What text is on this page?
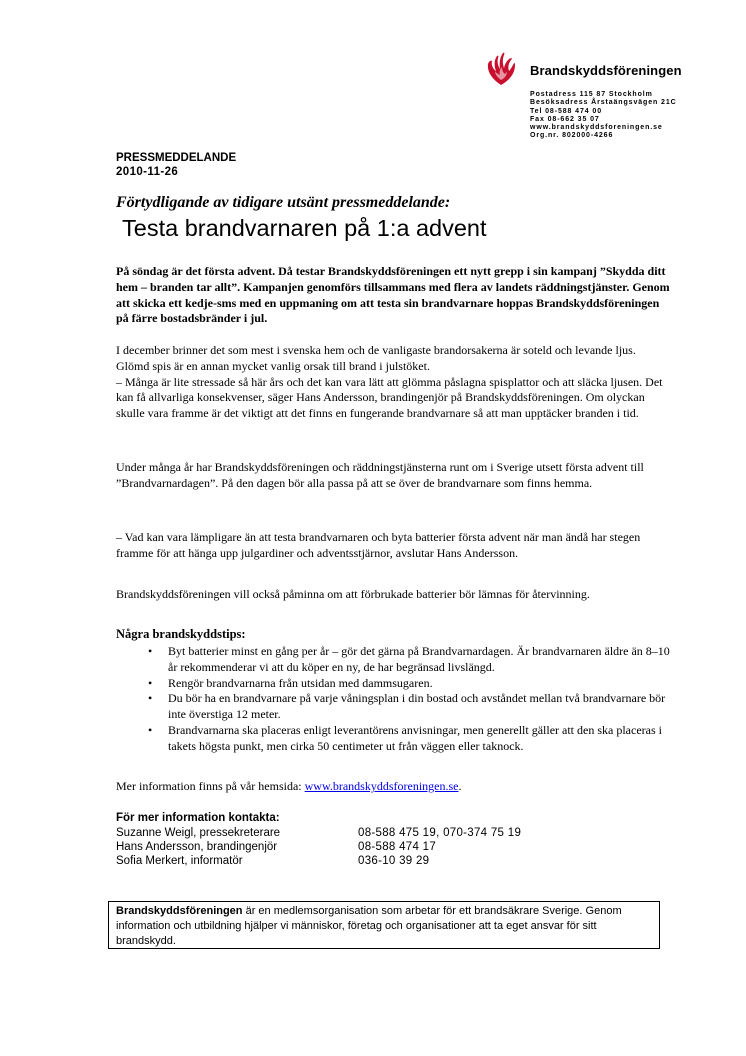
Brandskyddsföreningen
Postadress 115 87 Stockholm
Besöksadress Årstaängsvägen 21C
Tel 08-588 474 00
Fax 08-662 35 07
www.brandskyddsforeningen.se
Org.nr. 802000-4266
PRESSMEDDELANDE
2010-11-26
Förtydligande av tidigare utsänt pressmeddelande:
Testa brandvarnaren på 1:a advent

På söndag är det första advent. Då testar Brandskyddsföreningen ett nytt grepp i sin kampanj ”Skydda ditt hem – branden tar allt”. Kampanjen genomförs tillsammans med flera av landets räddningstjänster. Genom att skicka ett kedje-sms med en uppmaning om att testa sin brandvarnare hoppas Brandskyddsföreningen på färre bostadsbränder i jul.

I december brinner det som mest i svenska hem och de vanligaste brandorsakerna är soteld och levande ljus. Glömd spis är en annan mycket vanlig orsak till brand i julstöket.
– Många är lite stressade så här års och det kan vara lätt att glömma påslagna spisplattor och att släcka ljusen. Det kan få allvarliga konsekvenser, säger Hans Andersson, brandingenjör på Brandskyddsföreningen. Om olyckan skulle vara framme är det viktigt att det finns en fungerande brandvarnare så att man upptäcker branden i tid.

Under många år har Brandskyddsföreningen och räddningstjänsterna runt om i Sverige utsett första advent till ”Brandvarnardagen”. På den dagen bör alla passa på att se över de brandvarnare som finns hemma.

– Vad kan vara lämpligare än att testa brandvarnaren och byta batterier första advent när man ändå har stegen framme för att hänga upp julgardiner och adventsstjärnor, avslutar Hans Andersson.

Brandskyddsföreningen vill också påminna om att förbrukade batterier bör lämnas för återvinning.

Några brandskyddstips:
• Byt batterier minst en gång per år – gör det gärna på Brandvarnardagen. Är brandvarnaren äldre än 8–10 år rekommenderar vi att du köper en ny, de har begränsad livslängd.
• Rengör brandvarnarna från utsidan med dammsugaren.
• Du bör ha en brandvarnare på varje våningsplan i din bostad och avståndet mellan två brandvarnare bör inte överstiga 12 meter.
• Brandvarnarna ska placeras enligt leverantörens anvisningar, men generellt gäller att den ska placeras i takets högsta punkt, men cirka 50 centimeter ut från väggen eller taknock.

Mer information finns på vår hemsida: www.brandskyddsforeningen.se.

För mer information kontakta:
Suzanne Weigl, pressekreterare	08-588 475 19, 070-374 75 19
Hans Andersson, brandingenjör	08-588 474 17
Sofia Merkert, informatör	036-10 39 29
Brandskyddsföreningen är en medlemsorganisation som arbetar för ett brandsäkrare Sverige. Genom information och utbildning hjälper vi människor, företag och organisationer att ta eget ansvar för sitt brandskydd.
